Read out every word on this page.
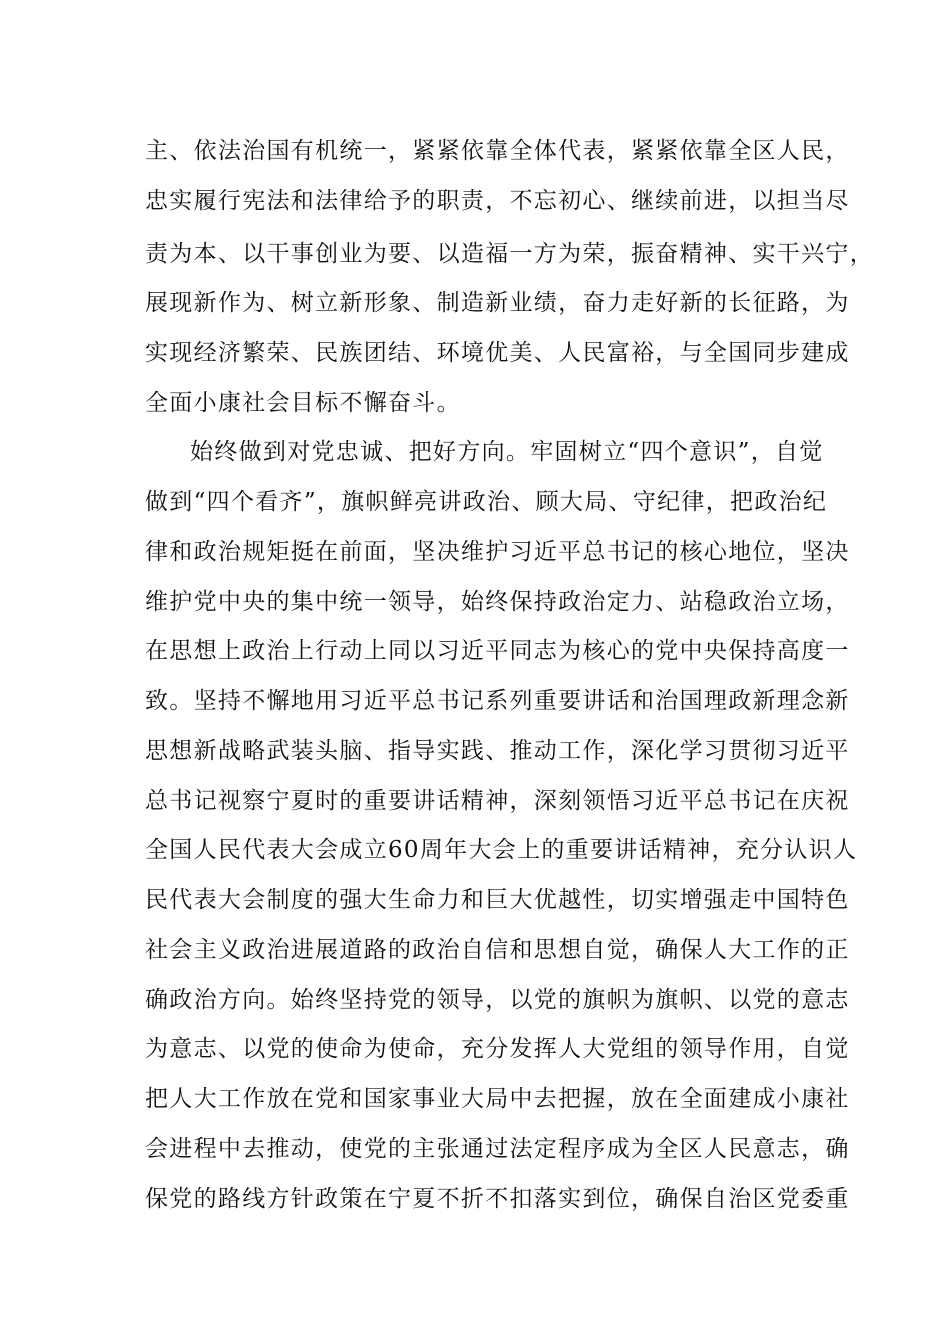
主、依法治国有机统一，紧紧依靠全体代表，紧紧依靠全区人民，
忠实履行宪法和法律给予的职责，不忘初心、继续前进，以担当尽
责为本、以干事创业为要、以造福一方为荣，振奋精神、实干兴宁，
展现新作为、树立新形象、制造新业绩，奋力走好新的长征路，为
实现经济繁荣、民族团结、环境优美、人民富裕，与全国同步建成
全面小康社会目标不懈奋斗。
始终做到对党忠诚、把好方向。牢固树立“四个意识”，自觉
做到“四个看齐”，旗帜鲜亮讲政治、顾大局、守纪律，把政治纪
律和政治规矩挺在前面，坚决维护习近平总书记的核心地位，坚决
维护党中央的集中统一领导，始终保持政治定力、站稳政治立场，
在思想上政治上行动上同以习近平同志为核心的党中央保持高度一
致。坚持不懈地用习近平总书记系列重要讲话和治国理政新理念新
思想新战略武装头脑、指导实践、推动工作，深化学习贯彻习近平
总书记视察宁夏时的重要讲话精神，深刻领悟习近平总书记在庆祝
全国人民代表大会成立60周年大会上的重要讲话精神，充分认识人
民代表大会制度的强大生命力和巨大优越性，切实增强走中国特色
社会主义政治进展道路的政治自信和思想自觉，确保人大工作的正
确政治方向。始终坚持党的领导，以党的旗帜为旗帜、以党的意志
为意志、以党的使命为使命，充分发挥人大党组的领导作用，自觉
把人大工作放在党和国家事业大局中去把握，放在全面建成小康社
会进程中去推动，使党的主张通过法定程序成为全区人民意志，确
保党的路线方针政策在宁夏不折不扣落实到位，确保自治区党委重
